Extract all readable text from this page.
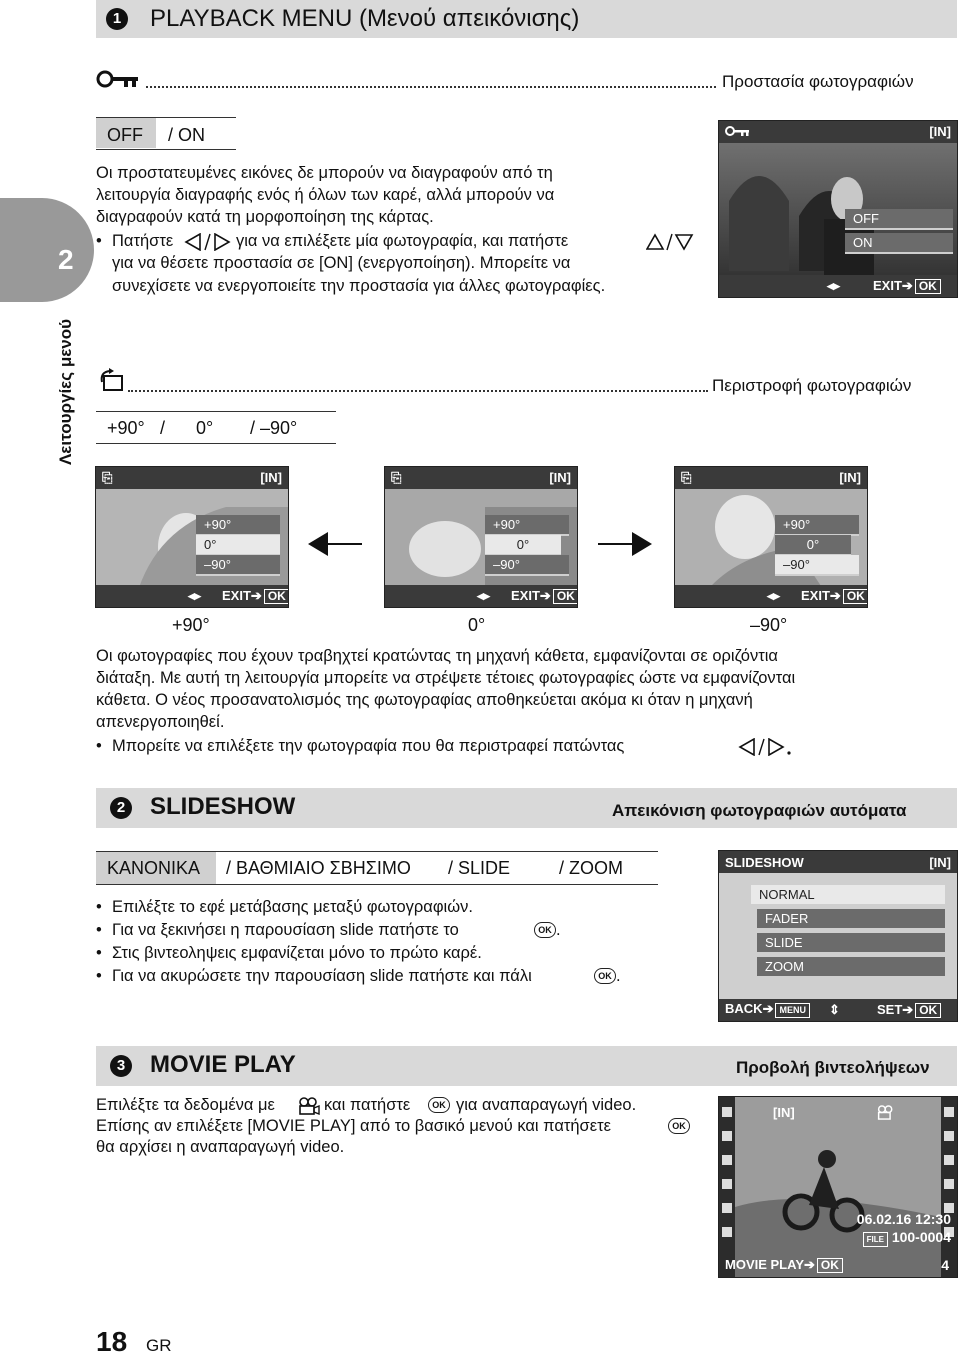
2
Λειτουργίες μενού
1 PLAYBACK MENU (Μενού απεικόνισης)
Προστασία φωτογραφιών
OFF / ON
Οι προστατευμένες εικόνες δε μπορούν να διαγραφούν από τη
λειτουργία διαγραφής ενός ή όλων των καρέ, αλλά μπορούν να
διαγραφούν κατά τη μορφοποίηση της κάρτας.
• Πατήστε	για να επιλέξετε μία φωτογραφία, και πατήστε
για να θέσετε προστασία σε [ON] (ενεργοποίηση). Μπορείτε να
συνεχίσετε να ενεργοποιείτε την προστασία για άλλες φωτογραφίες.
[IN]
OFF
ON
◂▸	EXIT➔ OK
Περιστροφή φωτογραφιών
+90° / 0° / –90°
⎘	[IN]
+90°
0°
–90°
◂▸ EXIT➔ OK
⎘	[IN]
+90°
0°
–90°
◂▸ EXIT➔ OK
⎘	[IN]
+90°
0°
–90°
◂▸ EXIT➔ OK
+90°	0°	–90°
Οι φωτογραφίες που έχουν τραβηχτεί κρατώντας τη μηχανή κάθετα, εμφανίζονται σε οριζόντια
διάταξη. Με αυτή τη λειτουργία μπορείτε να στρέψετε τέτοιες φωτογραφίες ώστε να εμφανίζονται
κάθετα. Ο νέος προσανατολισμός της φωτογραφίας αποθηκεύεται ακόμα κι όταν η μηχανή
απενεργοποιηθεί.
• Μπορείτε να επιλέξετε την φωτογραφία που θα περιστραφεί πατώντας
2 SLIDESHOW	Απεικόνιση φωτογραφιών αυτόματα
ΚΑΝΟΝΙΚΑ / ΒΑΘΜΙΑΙΟ ΣΒΗΣΙΜΟ / SLIDE	/ ZOOM
• Επιλέξτε το εφέ μετάβασης μεταξύ φωτογραφιών.
• Για να ξεκινήσει η παρουσίαση slide πατήστε το	OK .
• Στις βιντεοληψεις εμφανίζεται μόνο το πρώτο καρέ.
• Για να ακυρώσετε την παρουσίαση slide πατήστε και πάλι	OK .
SLIDESHOW	[IN]
NORMAL
FADER
SLIDE
ZOOM
BACK➔ MENU	⇕	SET➔ OK
3 MOVIE PLAY	Προβολή βιντεολήψεων
Επιλέξτε τα δεδομένα με	και πατήστε	OK για αναπαραγωγή video.
Επίσης αν επιλέξετε [MOVIE PLAY] από το βασικό μενού και πατήσετε	OK
θα αρχίσει η αναπαραγωγή video.
[IN]
06.02.16 12:30
FILE 100-0004
MOVIE PLAY➔ OK	4
18 GR
